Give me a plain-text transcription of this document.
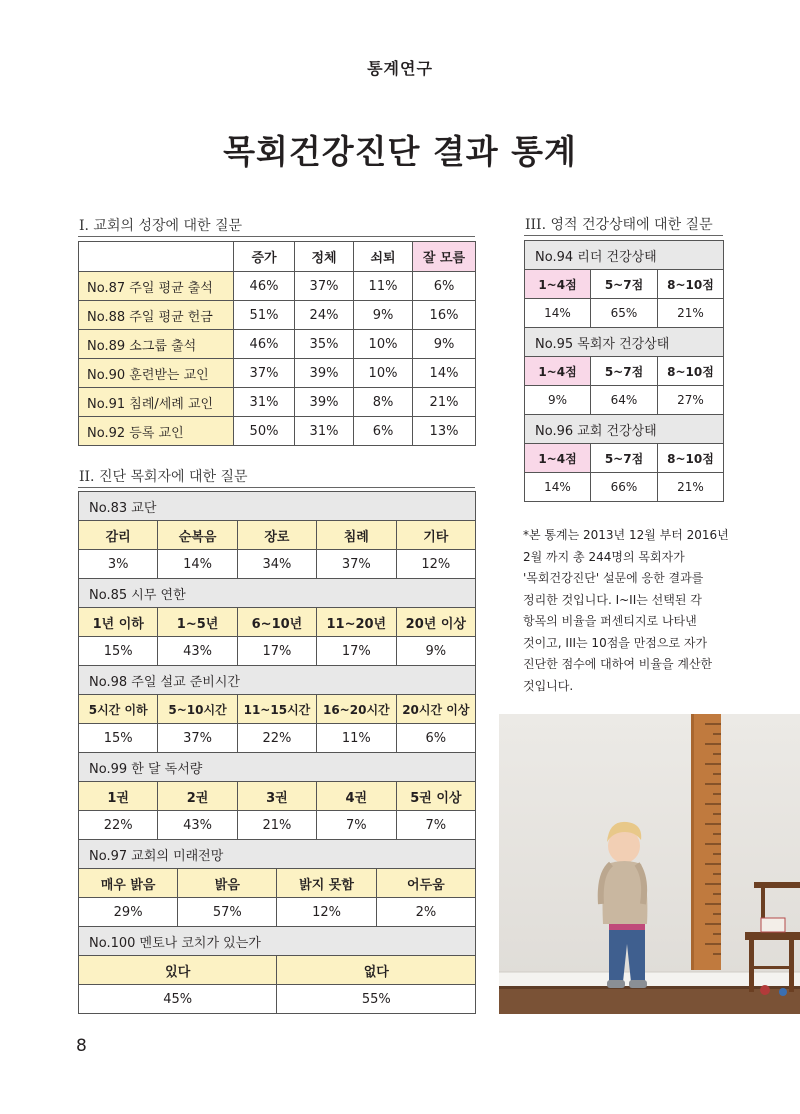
통계연구
목회건강진단 결과 통계
I. 교회의 성장에 대한 질문
	증가	정체	쇠퇴	잘 모름
No.87 주일 평균 출석	46%	37%	11%	6%
No.88 주일 평균 헌금	51%	24%	9%	16%
No.89 소그룹 출석	46%	35%	10%	9%
No.90 훈련받는 교인	37%	39%	10%	14%
No.91 침례/세례 교인	31%	39%	8%	21%
No.92 등록 교인	50%	31%	6%	13%
II. 진단 목회자에 대한 질문
No.83 교단							
감리	순복음		장로		침례		기타
3%	14%		34%		37%		12%
No.85 시무 연한							
1년 이하	1~5년		6~10년		11~20년		20년 이상
15%	43%		17%		17%		9%
No.98 주일 설교 준비시간							
5시간 이하	5~10시간		11~15시간		16~20시간		20시간 이상
15%	37%		22%		11%		6%
No.99 한 달 독서량							
1권	2권		3권		4권		5권 이상
22%	43%		21%		7%		7%
No.97 교회의 미래전망							
매우 밝음		밝음		밝지 못함		어두움	
29%		57%		12%		2%	
No.100 멘토나 코치가 있는가							
있다				없다			
45%				55%			
III. 영적 건강상태에 대한 질문
No.94 리더 건강상태		
1~4점	5~7점	8~10점
14%	65%	21%
No.95 목회자 건강상태		
1~4점	5~7점	8~10점
9%	64%	27%
No.96 교회 건강상태		
1~4점	5~7점	8~10점
14%	66%	21%
*본 통계는 2013년 12월 부터 2016년
2월 까지 총 244명의 목회자가
'목회건강진단' 설문에 응한 결과를
정리한 것입니다. I~II는 선택된 각
항목의 비율을 퍼센티지로 나타낸
것이고, III는 10점을 만점으로 자가
진단한 점수에 대하여 비율을 계산한
것입니다.
8
